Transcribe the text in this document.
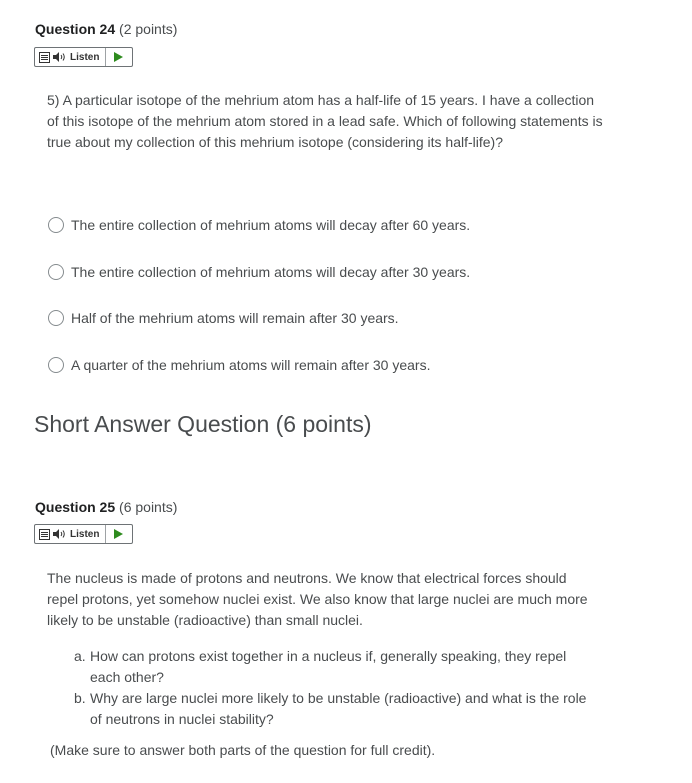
Question 24 (2 points)
Listen
5) A particular isotope of the mehrium atom has a half-life of 15 years. I have a collection of this isotope of the mehrium atom stored in a lead safe. Which of following statements is true about my collection of this mehrium isotope (considering its half-life)?
The entire collection of mehrium atoms will decay after 60 years.
The entire collection of mehrium atoms will decay after 30 years.
Half of the mehrium atoms will remain after 30 years.
A quarter of the mehrium atoms will remain after 30 years.
Short Answer Question (6 points)
Question 25 (6 points)
Listen
The nucleus is made of protons and neutrons. We know that electrical forces should repel protons, yet somehow nuclei exist. We also know that large nuclei are much more likely to be unstable (radioactive) than small nuclei.
a. How can protons exist together in a nucleus if, generally speaking, they repel each other?
b. Why are large nuclei more likely to be unstable (radioactive) and what is the role of neutrons in nuclei stability?
(Make sure to answer both parts of the question for full credit).
